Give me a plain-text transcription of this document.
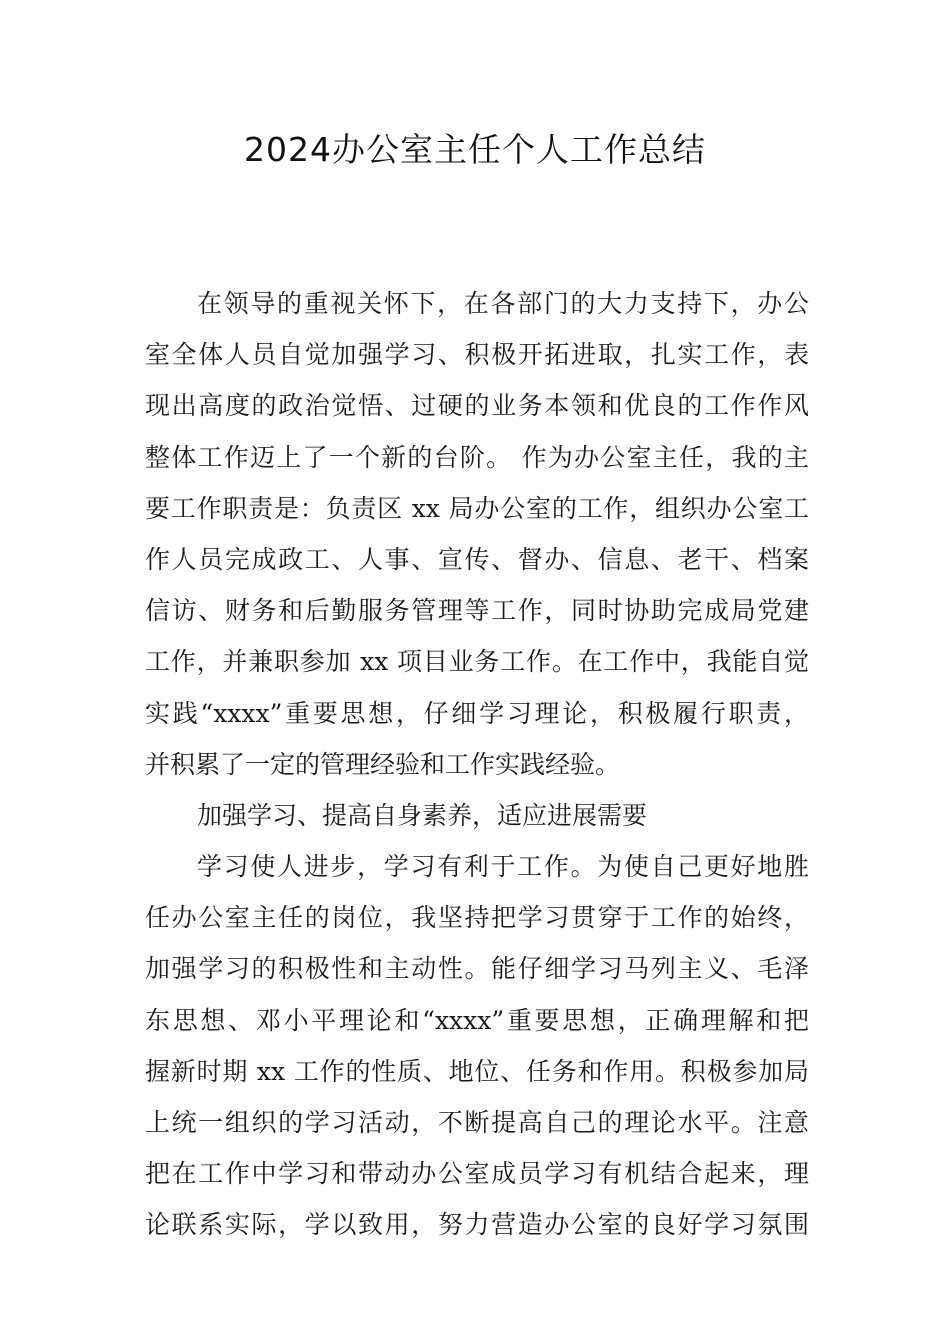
2024办公室主任个人工作总结
在领导的重视关怀下，在各部门的大力支持下，办公
室全体人员自觉加强学习、积极开拓进取，扎实工作，表
现出高度的政治觉悟、过硬的业务本领和优良的工作作风
整体工作迈上了一个新的台阶。 作为办公室主任，我的主
要工作职责是：负责区 xx 局办公室的工作，组织办公室工
作人员完成政工、人事、宣传、督办、信息、老干、档案
信访、财务和后勤服务管理等工作，同时协助完成局党建
工作，并兼职参加 xx 项目业务工作。在工作中，我能自觉
实践“xxxx”重要思想，仔细学习理论，积极履行职责，
并积累了一定的管理经验和工作实践经验。
加强学习、提高自身素养，适应进展需要
学习使人进步，学习有利于工作。为使自己更好地胜
任办公室主任的岗位，我坚持把学习贯穿于工作的始终，
加强学习的积极性和主动性。能仔细学习马列主义、毛泽
东思想、邓小平理论和“xxxx”重要思想，正确理解和把
握新时期 xx 工作的性质、地位、任务和作用。积极参加局
上统一组织的学习活动，不断提高自己的理论水平。注意
把在工作中学习和带动办公室成员学习有机结合起来，理
论联系实际，学以致用，努力营造办公室的良好学习氛围
